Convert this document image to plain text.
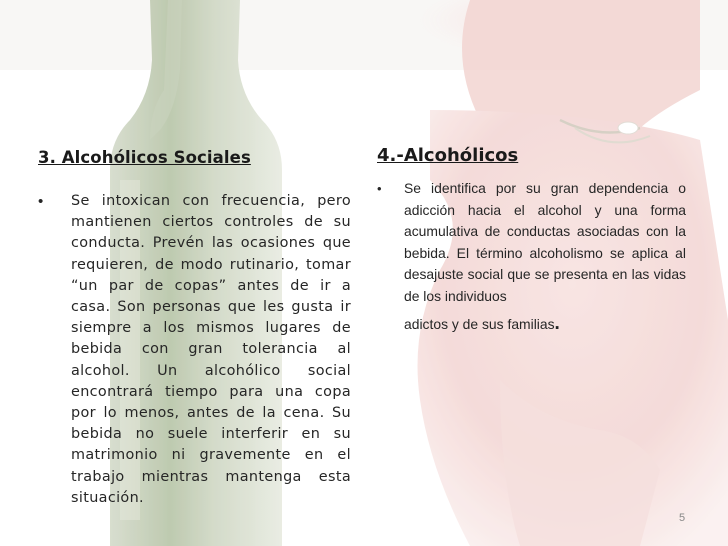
3. Alcohólicos Sociales
•	Se intoxican con frecuencia, pero mantienen ciertos controles de su conducta. Prevén las ocasiones que requieren, de modo rutinario, tomar “un par de copas” antes de ir a casa. Son personas que les gusta ir siempre a los mismos lugares de bebida con gran tolerancia al alcohol. Un alcohólico social encontrará tiempo para una copa por lo menos, antes de la cena. Su bebida no suele interferir en su matrimonio ni gravemente en el trabajo mientras mantenga esta situación.
4.-Alcohólicos
•	Se identifica por su gran dependencia o adicción hacia el alcohol y una forma acumulativa de conductas asociadas con la bebida. El término alcoholismo se aplica al desajuste social que se presenta en las vidas de los individuos
adictos y de sus familias.
5
